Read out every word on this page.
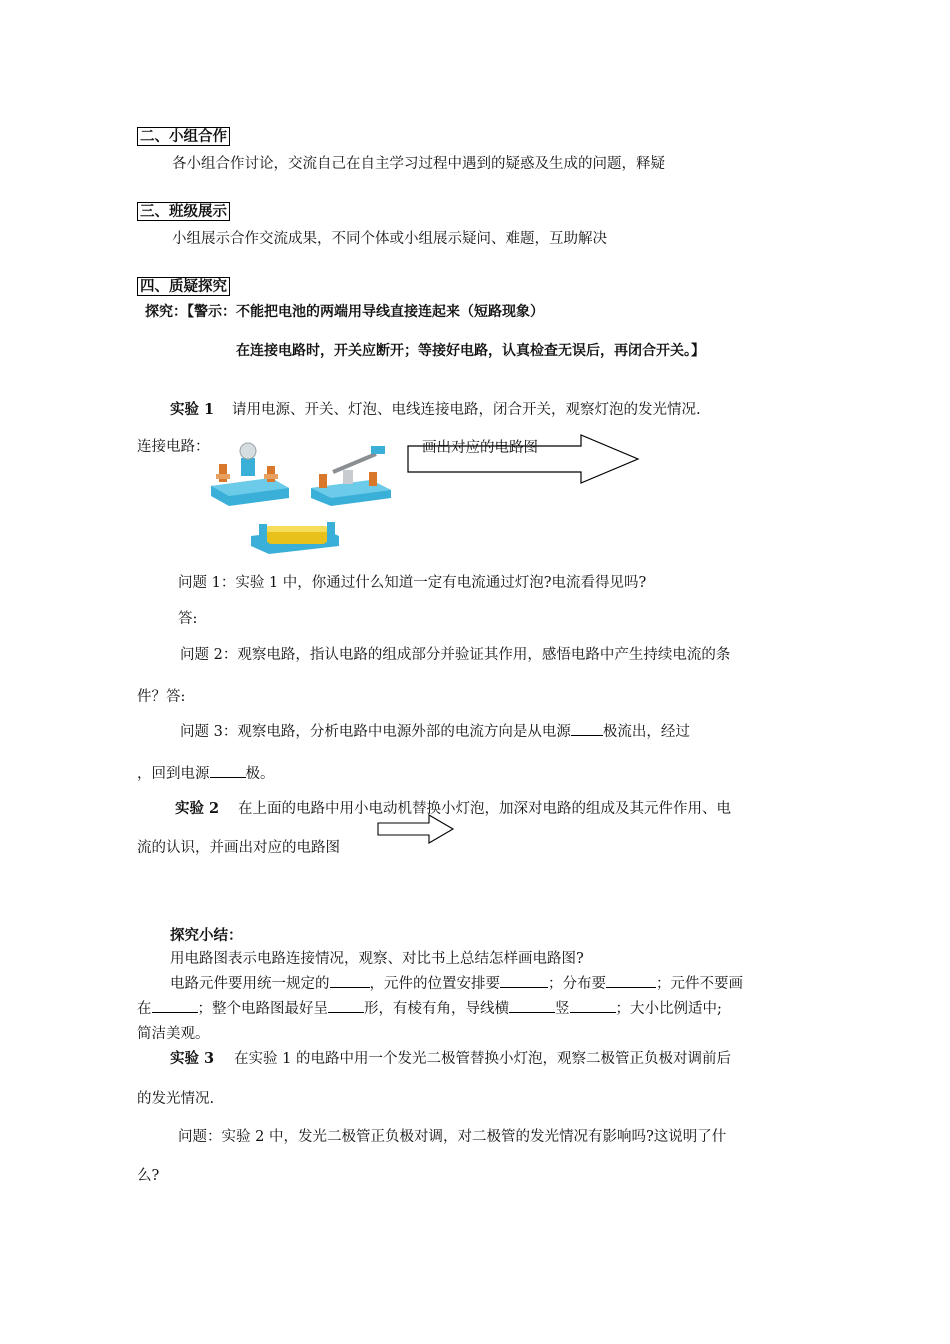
二、小组合作
各小组合作讨论，交流自己在自主学习过程中遇到的疑惑及生成的问题，释疑
三、班级展示
小组展示合作交流成果，不同个体或小组展示疑问、难题，互助解决
四、质疑探究
探究：【警示：不能把电池的两端用导线直接连起来（短路现象）
在连接电路时，开关应断开；等接好电路，认真检查无误后，再闭合开关。】
实验 1 请用电源、开关、灯泡、电线连接电路，闭合开关，观察灯泡的发光情况.
连接电路：	画出对应的电路图
问题 1：实验 1 中，你通过什么知道一定有电流通过灯泡?电流看得见吗?
答:
问题 2：观察电路，指认电路的组成部分并验证其作用，感悟电路中产生持续电流的条
件？答:
问题 3：观察电路，分析电路中电源外部的电流方向是从电源 极流出，经过
，回到电源 极。
实验 2 在上面的电路中用小电动机替换小灯泡，加深对电路的组成及其元件作用、电
流的认识，并画出对应的电路图
探究小结：
用电路图表示电路连接情况，观察、对比书上总结怎样画电路图?
电路元件要用统一规定的	，元件的位置安排要	；分布要	；元件不要画
在	；整个电路图最好呈 形，有棱有角，导线横	竖	；大小比例适中;
简洁美观。
实验 3 在实验 1 的电路中用一个发光二极管替换小灯泡，观察二极管正负极对调前后
的发光情况.
问题：实验 2 中，发光二极管正负极对调，对二极管的发光情况有影响吗?这说明了什
么?
